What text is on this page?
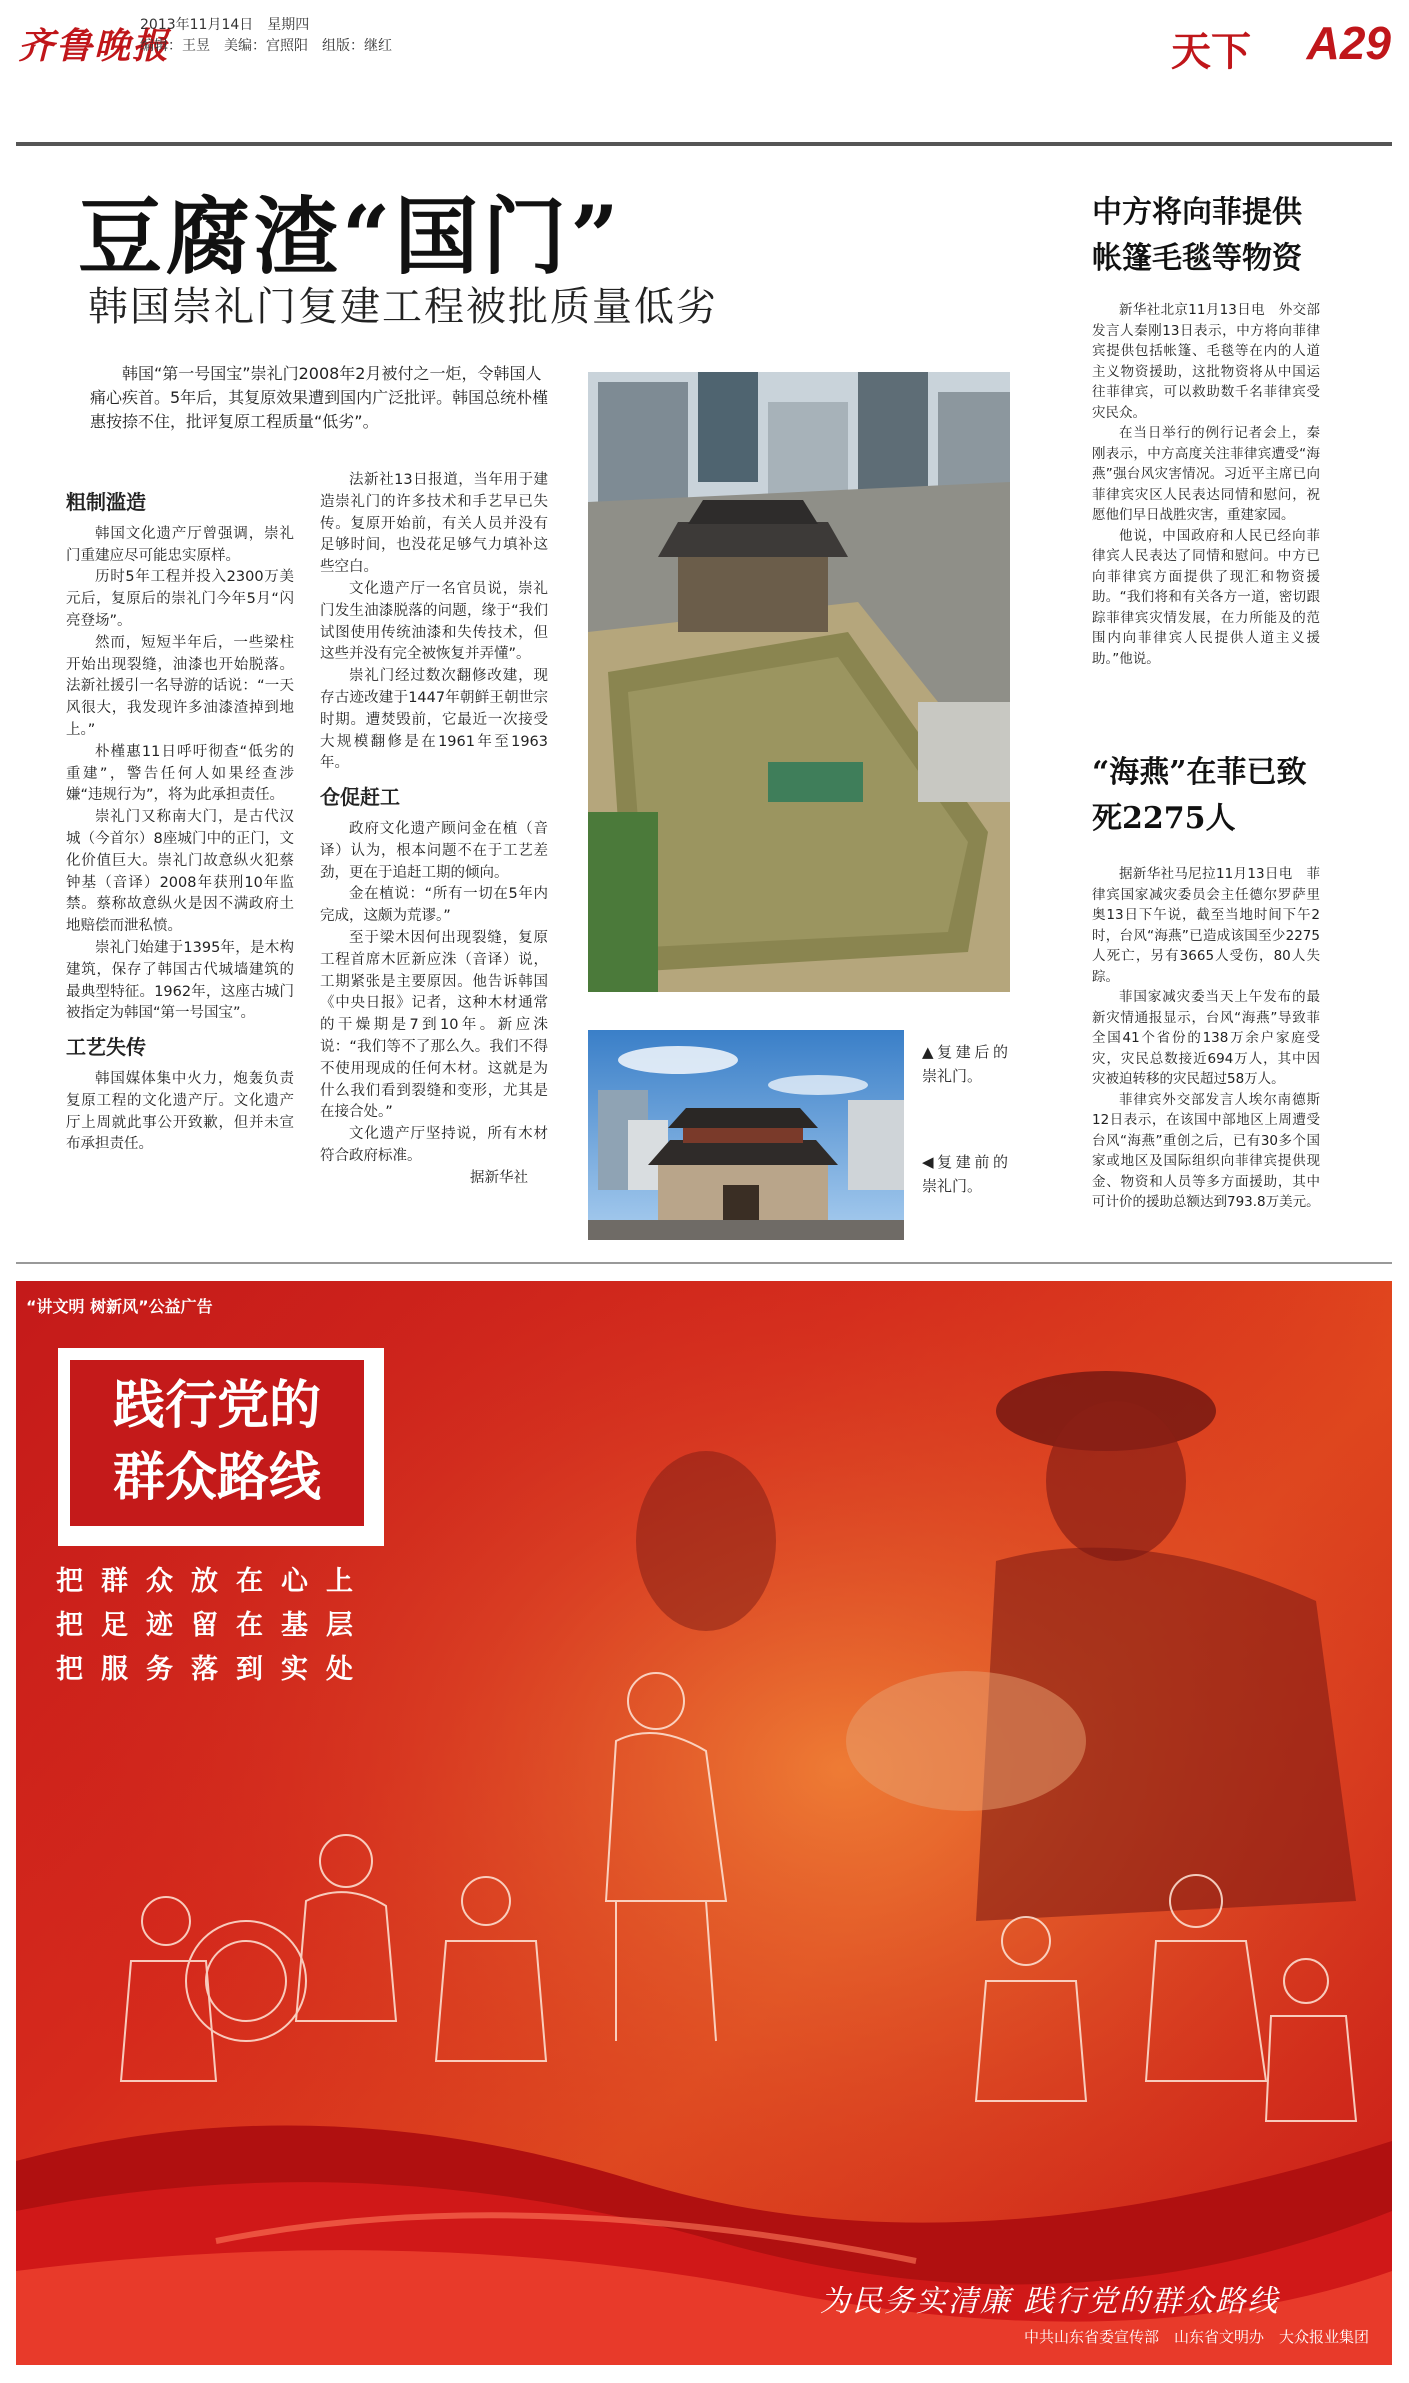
齐鲁晚报
2013年11月14日　星期四
编辑：王昱　美编：宫照阳　组版：继红	天下 A29
豆腐渣“国门”
韩国崇礼门复建工程被批质量低劣
韩国“第一号国宝”崇礼门2008年2月被付之一炬，令韩国人痛心疾首。5年后，其复原效果遭到国内广泛批评。韩国总统朴槿惠按捺不住，批评复原工程质量“低劣”。
粗制滥造

韩国文化遗产厅曾强调，崇礼门重建应尽可能忠实原样。

历时5年工程并投入2300万美元后，复原后的崇礼门今年5月“闪亮登场”。

然而，短短半年后，一些梁柱开始出现裂缝，油漆也开始脱落。法新社援引一名导游的话说：“一天风很大，我发现许多油漆渣掉到地上。”

朴槿惠11日呼吁彻查“低劣的重建”，警告任何人如果经查涉嫌“违规行为”，将为此承担责任。

崇礼门又称南大门，是古代汉城（今首尔）8座城门中的正门，文化价值巨大。崇礼门故意纵火犯蔡钟基（音译）2008年获刑10年监禁。蔡称故意纵火是因不满政府土地赔偿而泄私愤。

崇礼门始建于1395年，是木构建筑，保存了韩国古代城墙建筑的最典型特征。1962年，这座古城门被指定为韩国“第一号国宝”。

工艺失传

韩国媒体集中火力，炮轰负责复原工程的文化遗产厅。文化遗产厅上周就此事公开致歉，但并未宣布承担责任。

法新社13日报道，当年用于建造崇礼门的许多技术和手艺早已失传。复原开始前，有关人员并没有足够时间，也没花足够气力填补这些空白。

文化遗产厅一名官员说，崇礼门发生油漆脱落的问题，缘于“我们试图使用传统油漆和失传技术，但这些并没有完全被恢复并弄懂”。

崇礼门经过数次翻修改建，现存古迹改建于1447年朝鲜王朝世宗时期。遭焚毁前，它最近一次接受大规模翻修是在1961年至1963年。

仓促赶工

政府文化遗产顾问金在植（音译）认为，根本问题不在于工艺差劲，更在于追赶工期的倾向。

金在植说：“所有一切在5年内完成，这颇为荒谬。”

至于梁木因何出现裂缝，复原工程首席木匠新应洙（音译）说，工期紧张是主要原因。他告诉韩国《中央日报》记者，这种木材通常的干燥期是7到10年。新应洙说：“我们等不了那么久。我们不得不使用现成的任何木材。这就是为什么我们看到裂缝和变形，尤其是在接合处。”

文化遗产厅坚持说，所有木材符合政府标准。

据新华社
▲复建后的崇礼门。
◀复建前的崇礼门。
中方将向菲提供帐篷毛毯等物资

新华社北京11月13日电　外交部发言人秦刚13日表示，中方将向菲律宾提供包括帐篷、毛毯等在内的人道主义物资援助，这批物资将从中国运往菲律宾，可以救助数千名菲律宾受灾民众。

在当日举行的例行记者会上，秦刚表示，中方高度关注菲律宾遭受“海燕”强台风灾害情况。习近平主席已向菲律宾灾区人民表达同情和慰问，祝愿他们早日战胜灾害，重建家园。

他说，中国政府和人民已经向菲律宾人民表达了同情和慰问。中方已向菲律宾方面提供了现汇和物资援助。“我们将和有关各方一道，密切跟踪菲律宾灾情发展，在力所能及的范围内向菲律宾人民提供人道主义援助。”他说。

“海燕”在菲已致死2275人

据新华社马尼拉11月13日电　菲律宾国家减灾委员会主任德尔罗萨里奥13日下午说，截至当地时间下午2时，台风“海燕”已造成该国至少2275人死亡，另有3665人受伤，80人失踪。

菲国家减灾委当天上午发布的最新灾情通报显示，台风“海燕”导致菲全国41个省份的138万余户家庭受灾，灾民总数接近694万人，其中因灾被迫转移的灾民超过58万人。

菲律宾外交部发言人埃尔南德斯12日表示，在该国中部地区上周遭受台风“海燕”重创之后，已有30多个国家或地区及国际组织向菲律宾提供现金、物资和人员等多方面援助，其中可计价的援助总额达到793.8万美元。

“讲文明 树新风”公益广告
践行党的
群众路线
把群众放在心上
把足迹留在基层
把服务落到实处
为民务实清廉 践行党的群众路线
中共山东省委宣传部　山东省文明办　大众报业集团
